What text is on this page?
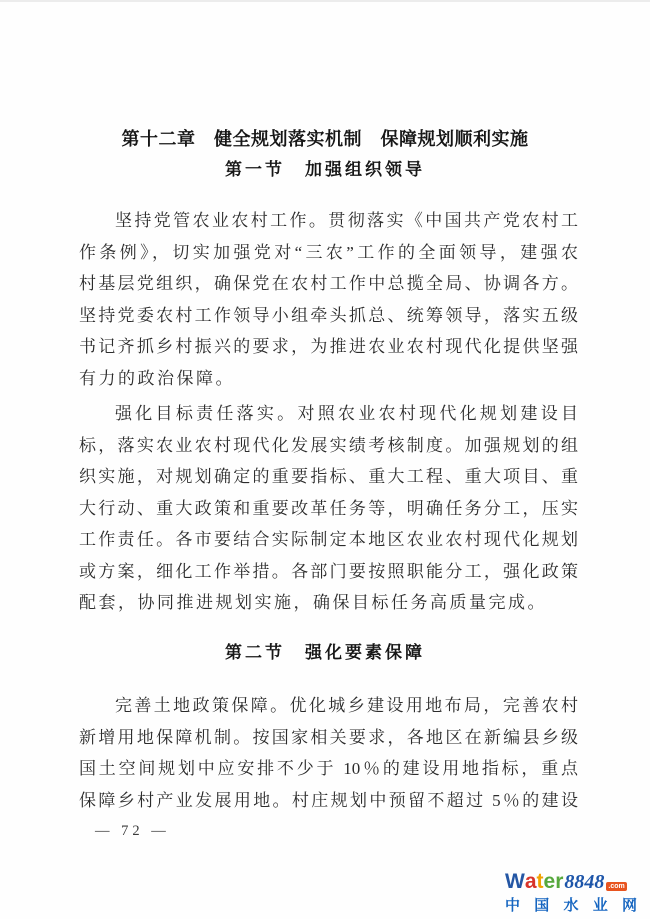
第十二章　健全规划落实机制　保障规划顺利实施
第一节　加强组织领导
坚持党管农业农村工作。贯彻落实《中国共产党农村工
作条例》，切实加强党对“三农”工作的全面领导，建强农
村基层党组织，确保党在农村工作中总揽全局、协调各方。
坚持党委农村工作领导小组牵头抓总、统筹领导，落实五级
书记齐抓乡村振兴的要求，为推进农业农村现代化提供坚强
有力的政治保障。
强化目标责任落实。对照农业农村现代化规划建设目
标，落实农业农村现代化发展实绩考核制度。加强规划的组
织实施，对规划确定的重要指标、重大工程、重大项目、重
大行动、重大政策和重要改革任务等，明确任务分工，压实
工作责任。各市要结合实际制定本地区农业农村现代化规划
或方案，细化工作举措。各部门要按照职能分工，强化政策
配套，协同推进规划实施，确保目标任务高质量完成。
第二节　强化要素保障
完善土地政策保障。优化城乡建设用地布局，完善农村
新增用地保障机制。按国家相关要求，各地区在新编县乡级
国土空间规划中应安排不少于 10％的建设用地指标，重点
保障乡村产业发展用地。村庄规划中预留不超过 5％的建设
— 72 —
W a t e r 8848 .com
中 国 水 业 网
